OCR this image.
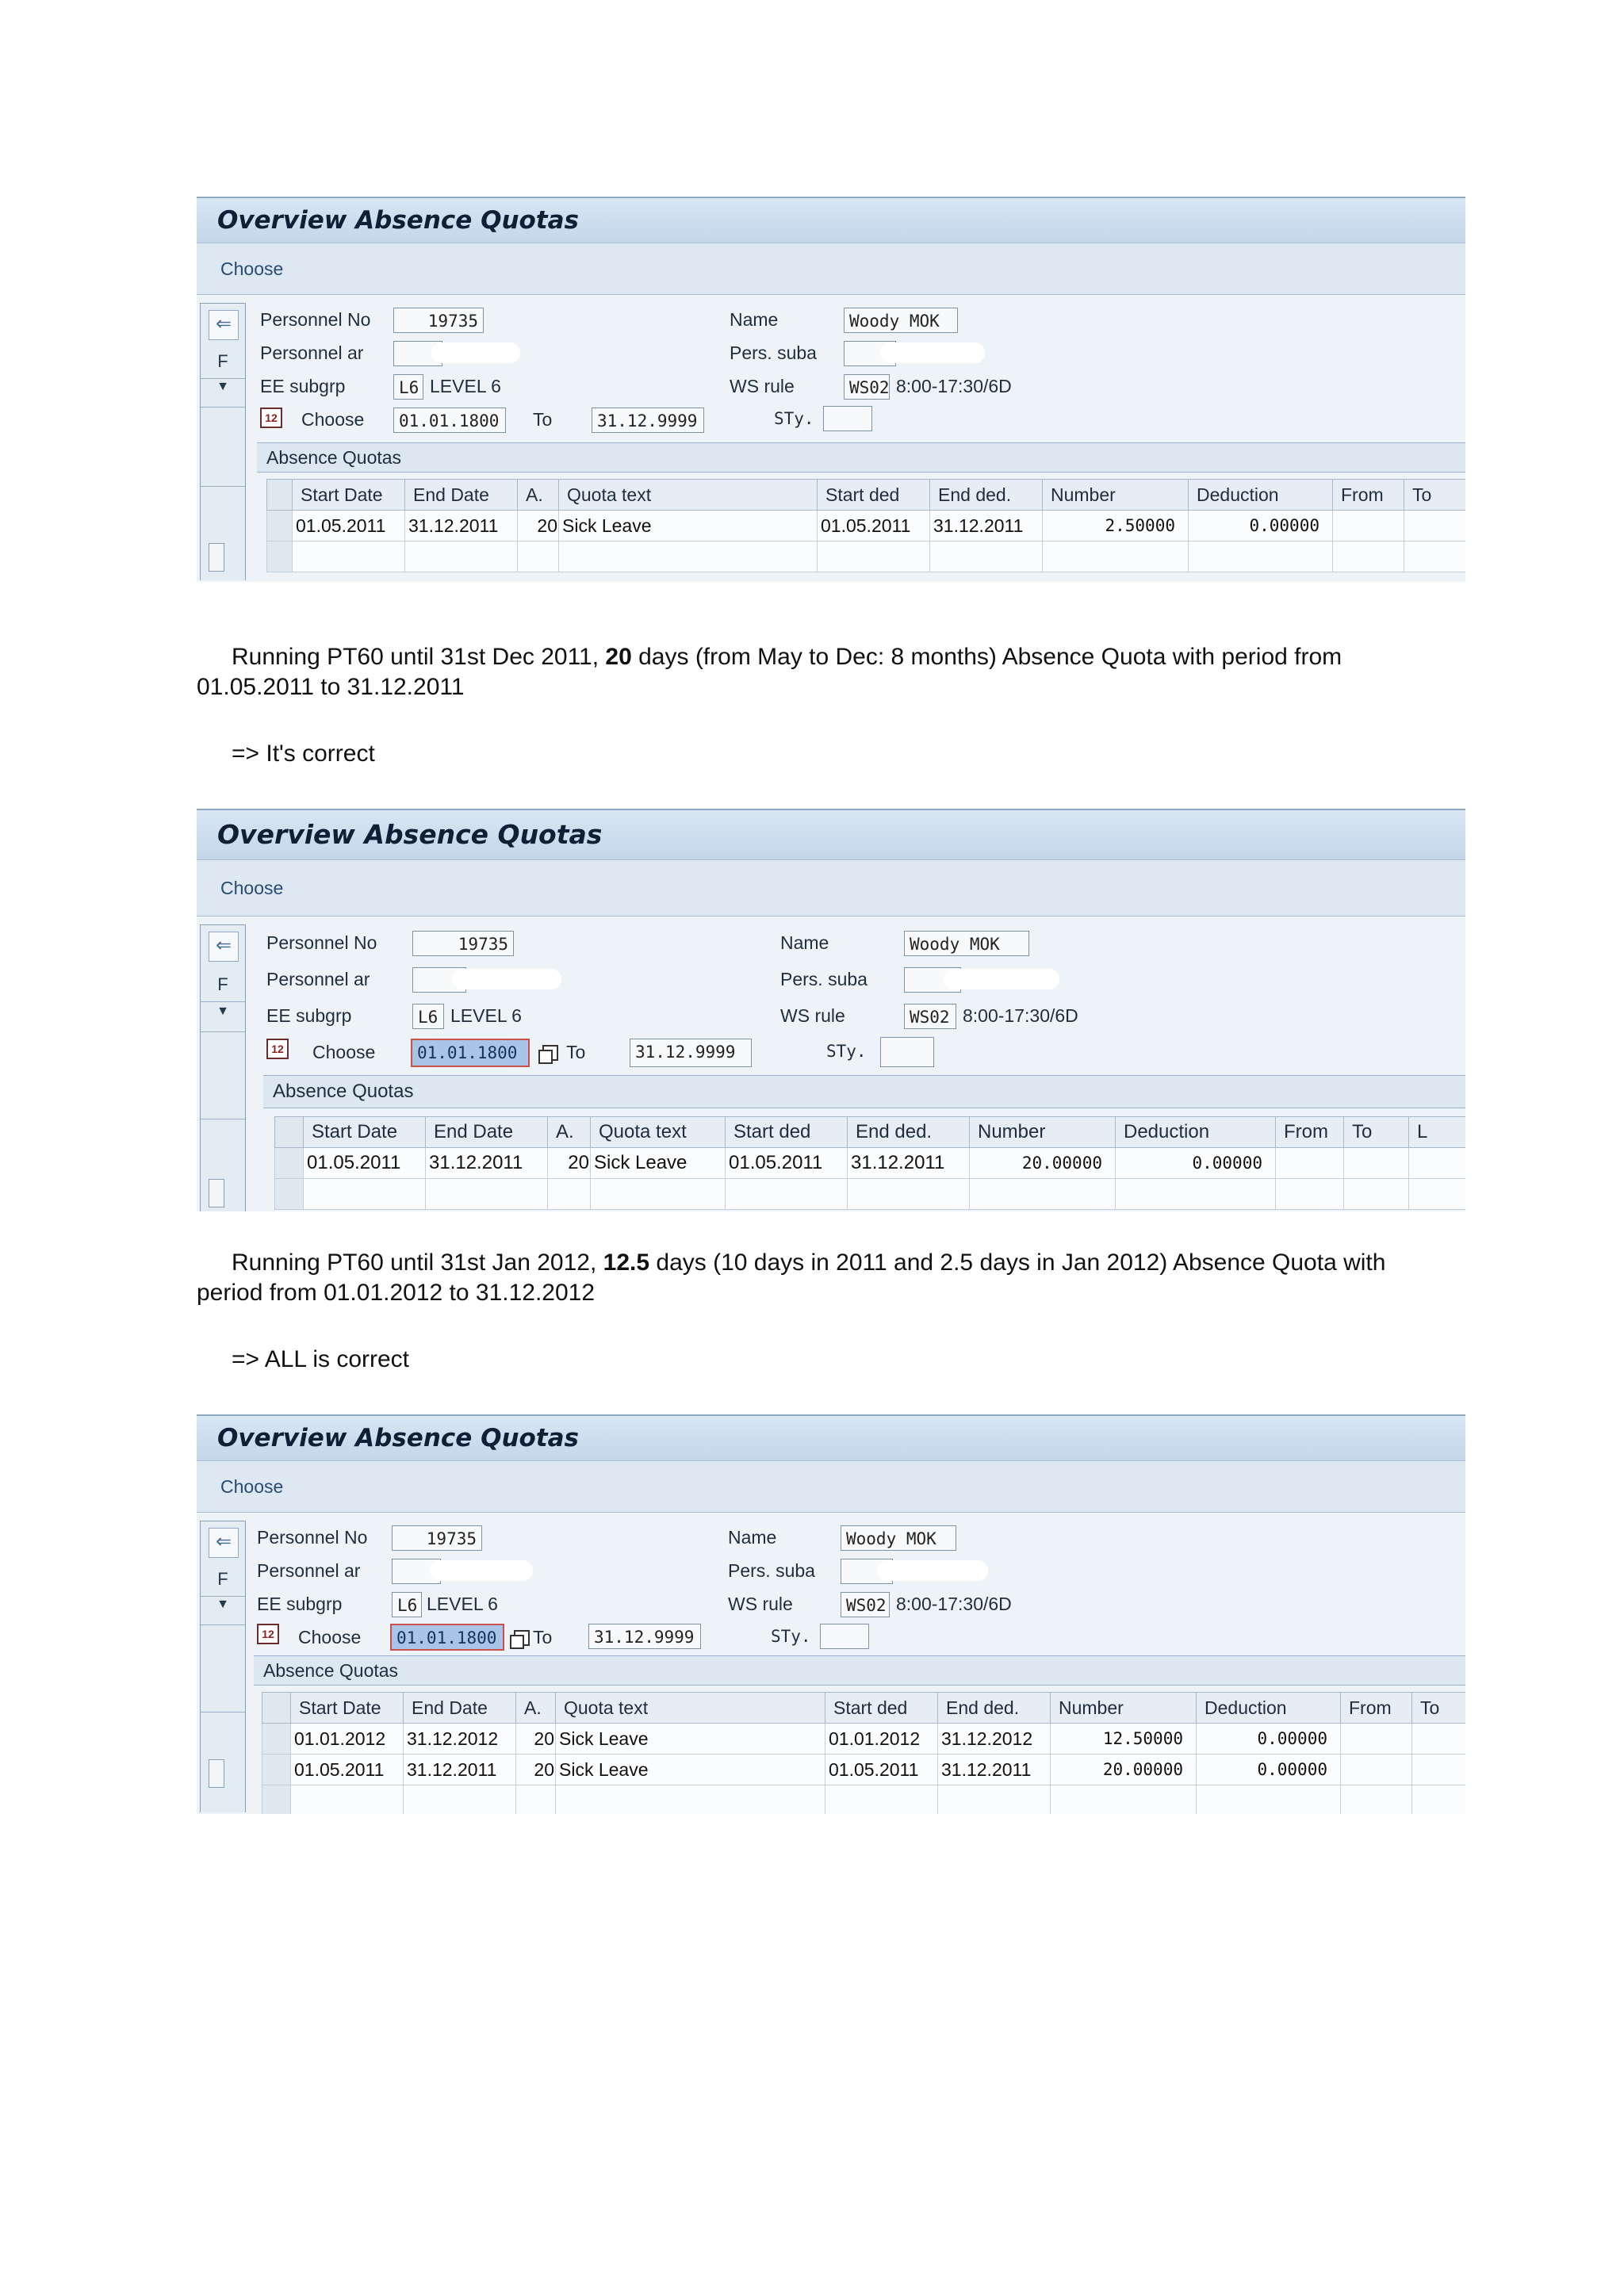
Overview Absence Quotas
Choose
⇐
F
▼
Personnel No	19735
Personnel ar
EE subgrp	L6 LEVEL 6
12 Choose	01.01.1800	To	31.12.9999
Name	Woody MOK
Pers. suba
WS rule	WS02 8:00-17:30/6D
STy.
Absence Quotas
	Start Date	End Date	A.	Quota text	Start ded	End ded.	Number	Deduction	From	To
	01.05.2011	31.12.2011	20	Sick Leave	01.05.2011	31.12.2011	2.50000	0.00000		

Running PT60 until 31st Dec 2011, 20 days (from May to Dec: 8 months) Absence Quota with period from
01.05.2011 to 31.12.2011
=> It's correct
Overview Absence Quotas
Choose
⇐
F
▼
Personnel No	19735
Personnel ar
EE subgrp	L6 LEVEL 6
12 Choose	01.01.1800	To	31.12.9999
Name	Woody MOK
Pers. suba
WS rule	WS02 8:00-17:30/6D
STy.
Absence Quotas
	Start Date	End Date	A.	Quota text	Start ded	End ded.	Number	Deduction	From	To	L
	01.05.2011	31.12.2011	20	Sick Leave	01.05.2011	31.12.2011	20.00000	0.00000			

Running PT60 until 31st Jan 2012, 12.5 days (10 days in 2011 and 2.5 days in Jan 2012) Absence Quota with
period from 01.01.2012 to 31.12.2012
=> ALL is correct
Overview Absence Quotas
Choose
⇐
F
▼
Personnel No	19735
Personnel ar
EE subgrp	L6 LEVEL 6
12 Choose	01.01.1800	To	31.12.9999
Name	Woody MOK
Pers. suba
WS rule	WS02 8:00-17:30/6D
STy.
Absence Quotas
	Start Date	End Date	A.	Quota text	Start ded	End ded.	Number	Deduction	From	To
	01.01.2012	31.12.2012	20	Sick Leave	01.01.2012	31.12.2012	12.50000	0.00000		
	01.05.2011	31.12.2011	20	Sick Leave	01.05.2011	31.12.2011	20.00000	0.00000		
